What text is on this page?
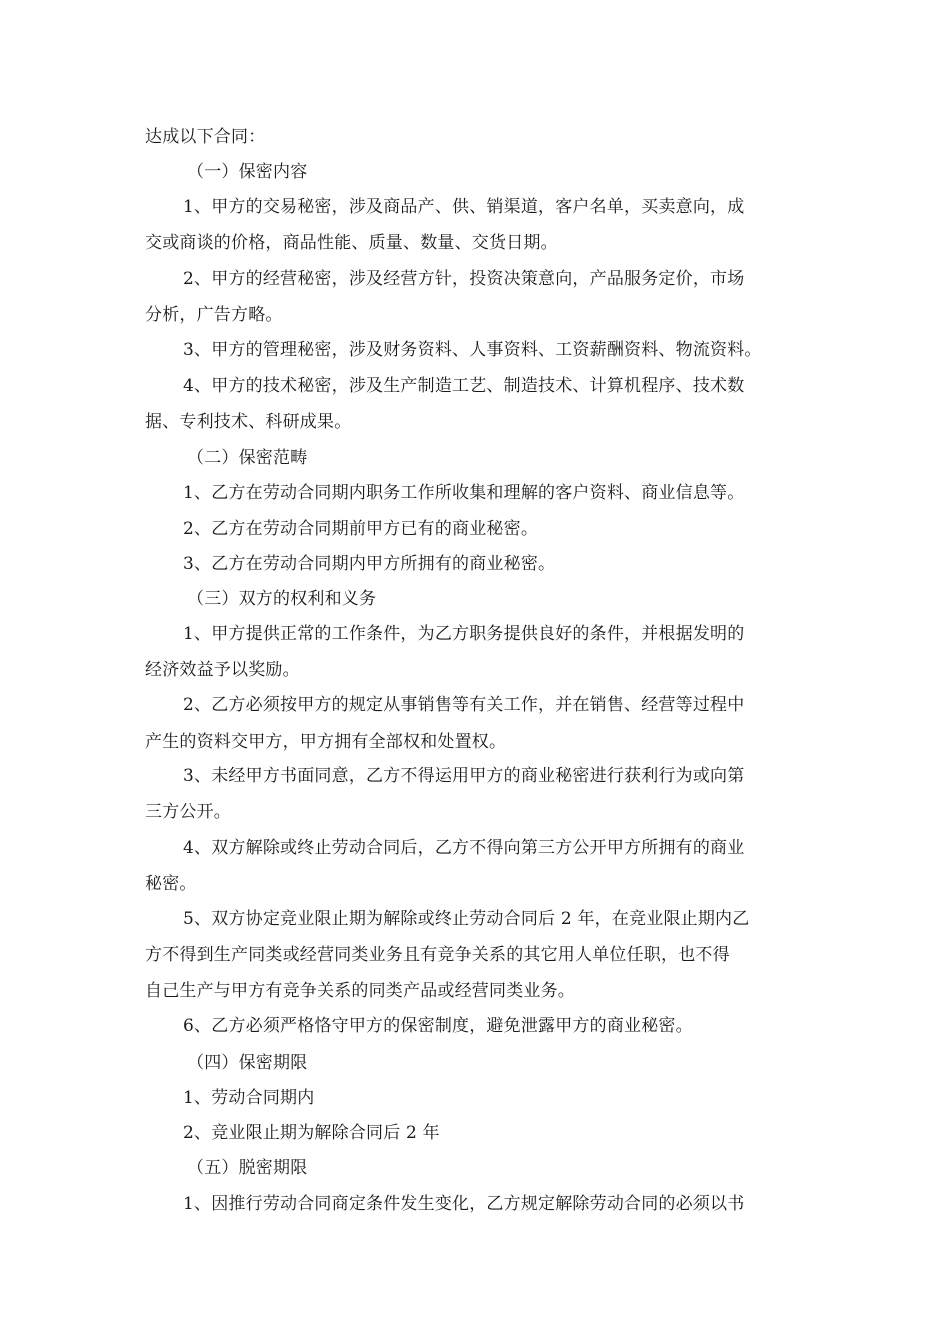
达成以下合同：
（一）保密内容
1、甲方的交易秘密，涉及商品产、供、销渠道，客户名单，买卖意向，成
交或商谈的价格，商品性能、质量、数量、交货日期。
2、甲方的经营秘密，涉及经营方针，投资决策意向，产品服务定价，市场
分析，广告方略。
3、甲方的管理秘密，涉及财务资料、人事资料、工资薪酬资料、物流资料。
4、甲方的技术秘密，涉及生产制造工艺、制造技术、计算机程序、技术数
据、专利技术、科研成果。
（二）保密范畴
1、乙方在劳动合同期内职务工作所收集和理解的客户资料、商业信息等。
2、乙方在劳动合同期前甲方已有的商业秘密。
3、乙方在劳动合同期内甲方所拥有的商业秘密。
（三）双方的权利和义务
1、甲方提供正常的工作条件，为乙方职务提供良好的条件，并根据发明的
经济效益予以奖励。
2、乙方必须按甲方的规定从事销售等有关工作，并在销售、经营等过程中
产生的资料交甲方，甲方拥有全部权和处置权。
3、未经甲方书面同意，乙方不得运用甲方的商业秘密进行获利行为或向第
三方公开。
4、双方解除或终止劳动合同后，乙方不得向第三方公开甲方所拥有的商业
秘密。
5、双方协定竞业限止期为解除或终止劳动合同后 2 年，在竞业限止期内乙
方不得到生产同类或经营同类业务且有竞争关系的其它用人单位任职，也不得
自己生产与甲方有竞争关系的同类产品或经营同类业务。
6、乙方必须严格恪守甲方的保密制度，避免泄露甲方的商业秘密。
（四）保密期限
1、劳动合同期内
2、竞业限止期为解除合同后 2 年
（五）脱密期限
1、因推行劳动合同商定条件发生变化，乙方规定解除劳动合同的必须以书
